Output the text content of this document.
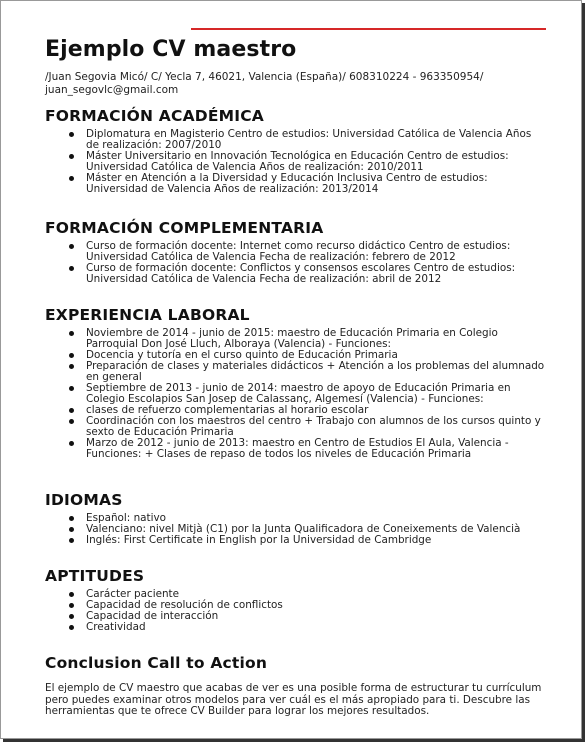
Ejemplo CV maestro
/Juan Segovia Micó/ C/ Yecla 7, 46021, Valencia (España)/ 608310224 - 963350954/ juan_segovlc@gmail.com
FORMACIÓN ACADÉMICA
Diplomatura en Magisterio Centro de estudios: Universidad Católica de Valencia Años de realización: 2007/2010
Máster Universitario en Innovación Tecnológica en Educación Centro de estudios: Universidad Católica de Valencia Años de realización: 2010/2011
Máster en Atención a la Diversidad y Educación Inclusiva Centro de estudios: Universidad de Valencia Años de realización: 2013/2014
FORMACIÓN COMPLEMENTARIA
Curso de formación docente: Internet como recurso didáctico Centro de estudios: Universidad Católica de Valencia Fecha de realización: febrero de 2012
Curso de formación docente: Conflictos y consensos escolares Centro de estudios: Universidad Católica de Valencia Fecha de realización: abril de 2012
EXPERIENCIA LABORAL
Noviembre de 2014 - junio de 2015: maestro de Educación Primaria en Colegio Parroquial Don José Lluch, Alboraya (Valencia) - Funciones:
Docencia y tutoría en el curso quinto de Educación Primaria
Preparación de clases y materiales didácticos + Atención a los problemas del alumnado en general
Septiembre de 2013 - junio de 2014: maestro de apoyo de Educación Primaria en Colegio Escolapios San Josep de Calassanç, Algemesí (Valencia) - Funciones:
clases de refuerzo complementarias al horario escolar
Coordinación con los maestros del centro + Trabajo con alumnos de los cursos quinto y sexto de Educación Primaria
Marzo de 2012 - junio de 2013: maestro en Centro de Estudios El Aula, Valencia - Funciones: + Clases de repaso de todos los niveles de Educación Primaria
IDIOMAS
Español: nativo
Valenciano: nivel Mitjà (C1) por la Junta Qualificadora de Coneixements de Valencià
Inglés: First Certificate in English por la Universidad de Cambridge
APTITUDES
Carácter paciente
Capacidad de resolución de conflictos
Capacidad de interacción
Creatividad
Conclusion Call to Action
El ejemplo de CV maestro que acabas de ver es una posible forma de estructurar tu currículum pero puedes examinar otros modelos para ver cuál es el más apropiado para ti. Descubre las herramientas que te ofrece CV Builder para lograr los mejores resultados.
